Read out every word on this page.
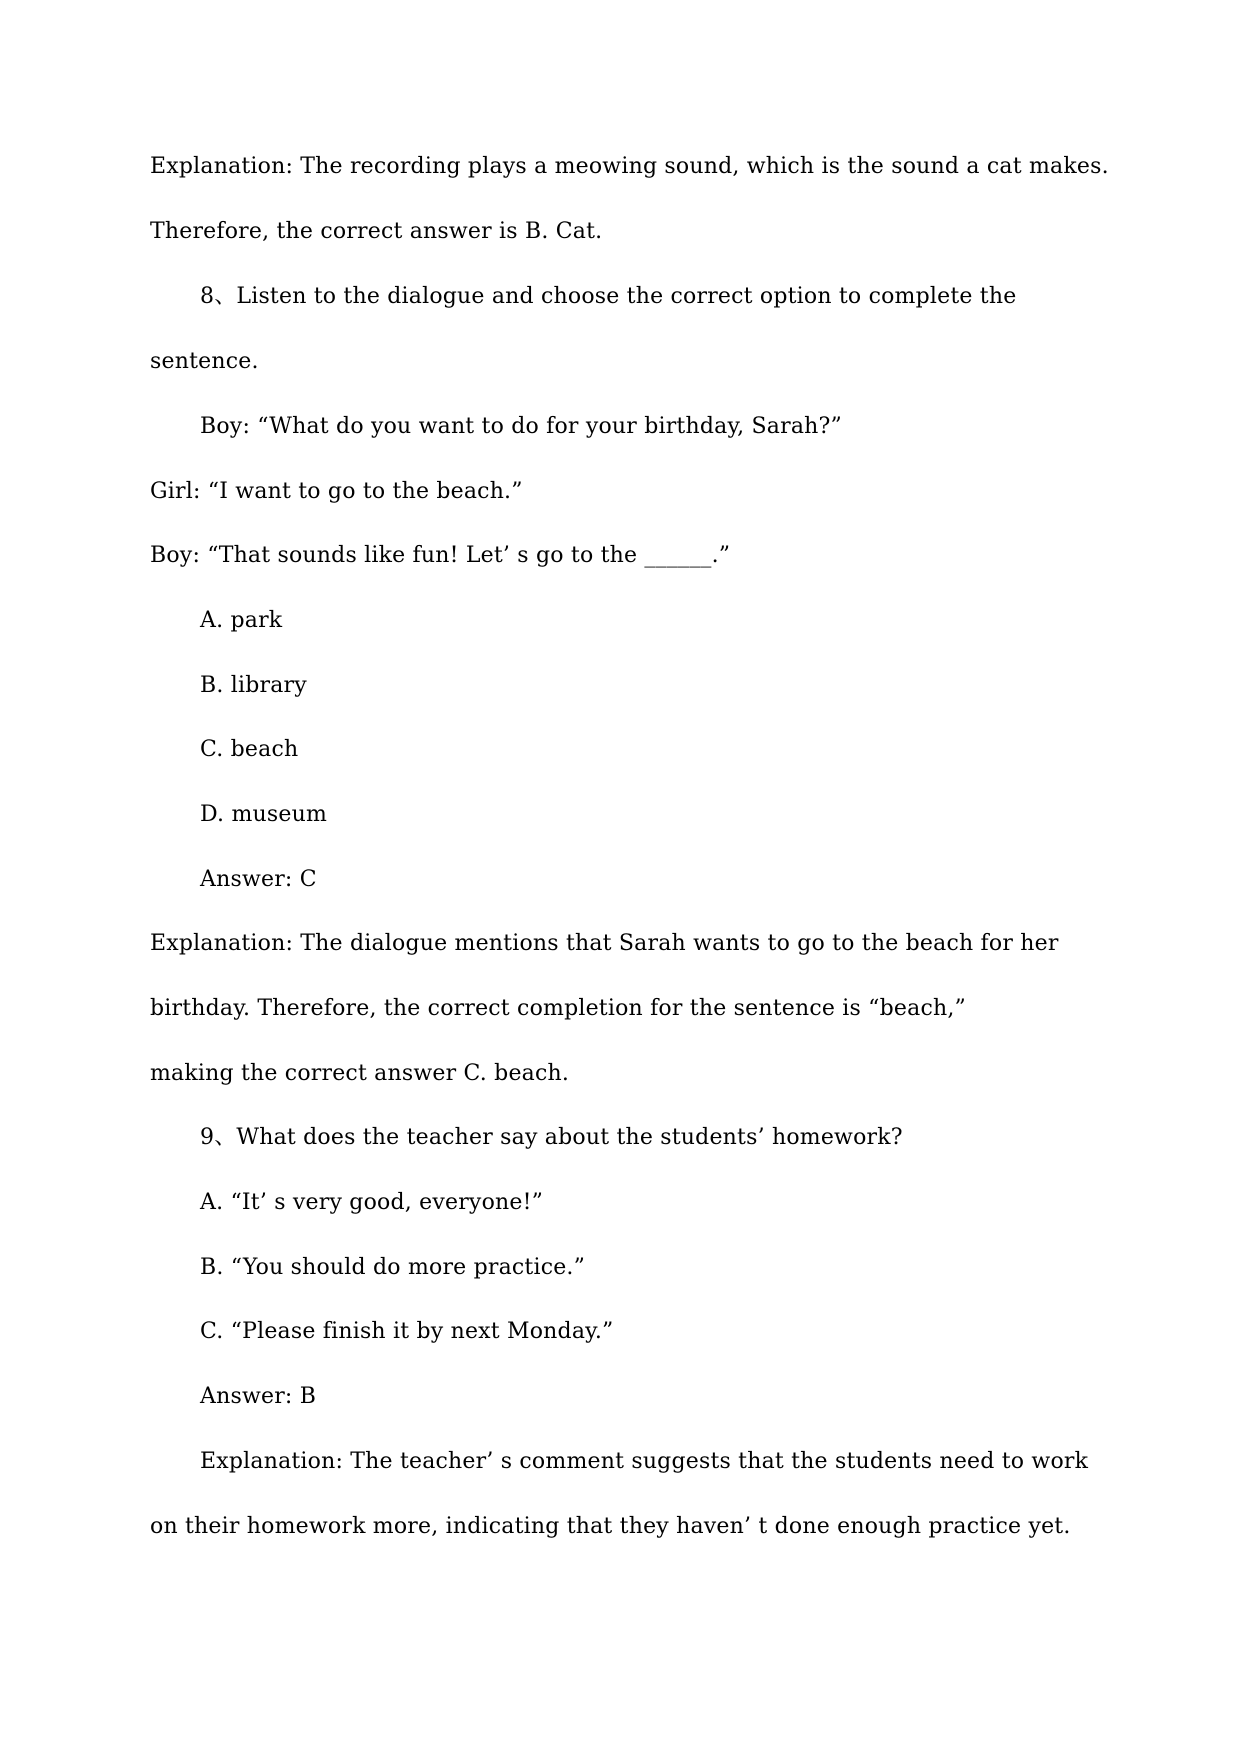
Explanation: The recording plays a meowing sound, which is the sound a cat makes.
Therefore, the correct answer is B. Cat.
8、Listen to the dialogue and choose the correct option to complete the
sentence.
Boy: “What do you want to do for your birthday, Sarah?”
Girl: “I want to go to the beach.”
Boy: “That sounds like fun! Let’ s go to the ______.”
A. park
B. library
C. beach
D. museum
Answer: C
Explanation: The dialogue mentions that Sarah wants to go to the beach for her
birthday. Therefore, the correct completion for the sentence is “beach,”
making the correct answer C. beach.
9、What does the teacher say about the students’ homework?
A. “It’ s very good, everyone!”
B. “You should do more practice.”
C. “Please finish it by next Monday.”
Answer: B
Explanation: The teacher’ s comment suggests that the students need to work
on their homework more, indicating that they haven’ t done enough practice yet.
